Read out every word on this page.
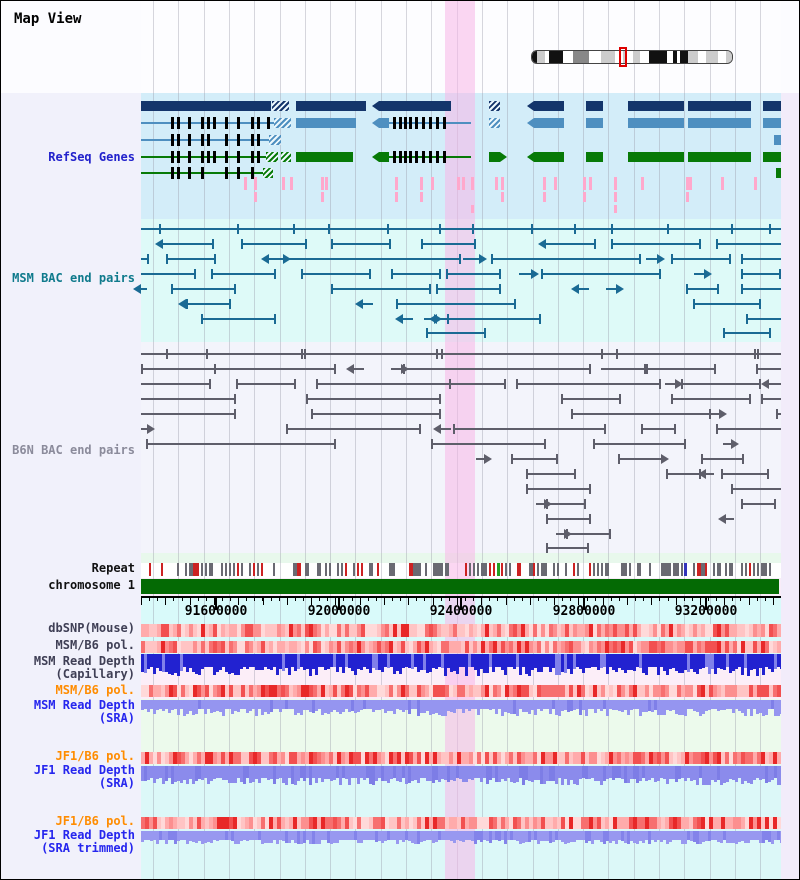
Map View
91600000	92000000	92400000	92800000	93200000
RefSeq Genes
MSM BAC end pairs
B6N BAC end pairs
Repeat
chromosome 1
dbSNP(Mouse)
MSM/B6 pol.
MSM Read Depth
(Capillary)
MSM/B6 pol.
MSM Read Depth
(SRA)
JF1/B6 pol.
JF1 Read Depth
(SRA)
JF1/B6 pol.
JF1 Read Depth
(SRA trimmed)
